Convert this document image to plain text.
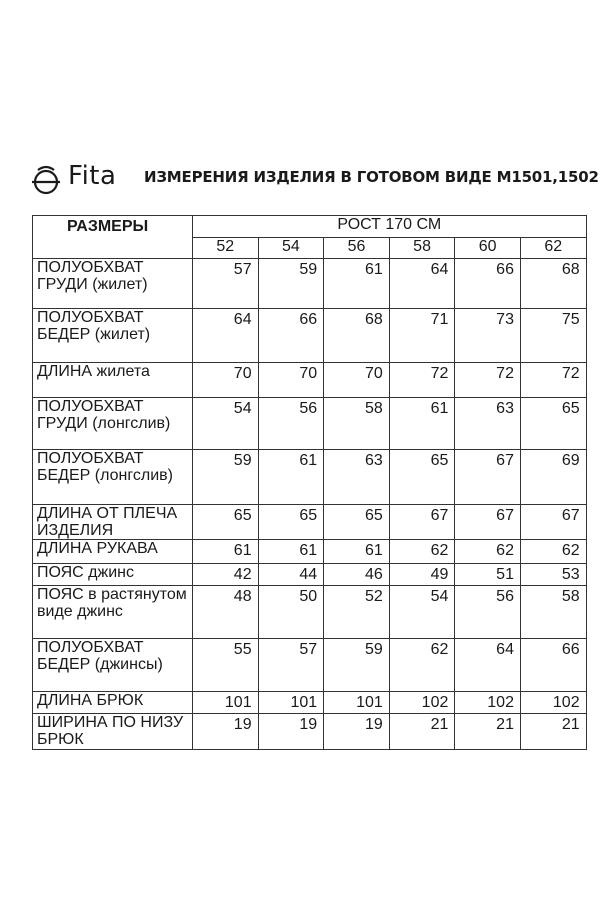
Fita ИЗМЕРЕНИЯ ИЗДЕЛИЯ В ГОТОВОМ ВИДЕ М1501,1502
РАЗМЕРЫ	РОСТ 170 СМ					
	52	54	56	58	60	62
ПОЛУОБХВАТ ГРУДИ (жилет)	57	59	61	64	66	68
ПОЛУОБХВАТ БЕДЕР (жилет)	64	66	68	71	73	75
ДЛИНА жилета	70	70	70	72	72	72
ПОЛУОБХВАТ ГРУДИ (лонгслив)	54	56	58	61	63	65
ПОЛУОБХВАТ БЕДЕР (лонгслив)	59	61	63	65	67	69
ДЛИНА ОТ ПЛЕЧА ИЗДЕЛИЯ	65	65	65	67	67	67
ДЛИНА РУКАВА	61	61	61	62	62	62
ПОЯС джинс	42	44	46	49	51	53
ПОЯС в растянутом виде джинс	48	50	52	54	56	58
ПОЛУОБХВАТ БЕДЕР (джинсы)	55	57	59	62	64	66
ДЛИНА БРЮК	101	101	101	102	102	102
ШИРИНА ПО НИЗУ БРЮК	19	19	19	21	21	21
